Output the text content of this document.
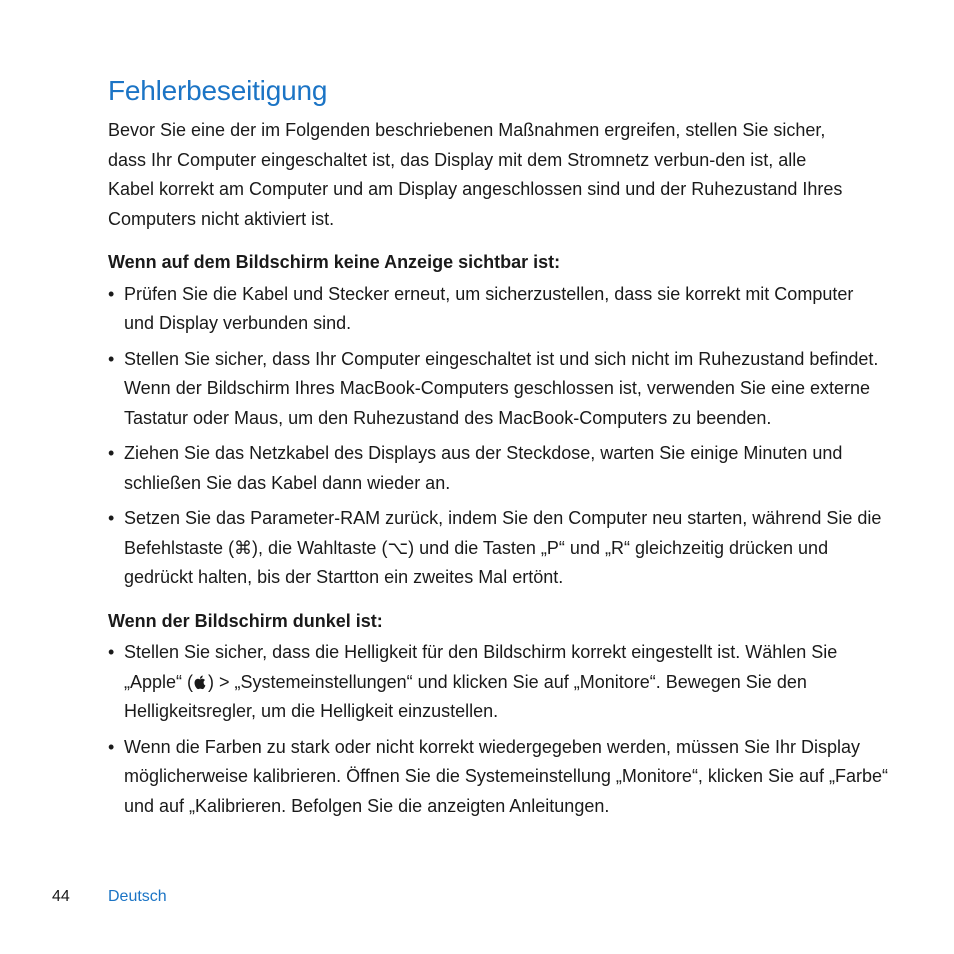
Fehlerbeseitigung

Bevor Sie eine der im Folgenden beschriebenen Maßnahmen ergreifen, stellen Sie sicher, dass Ihr Computer eingeschaltet ist, das Display mit dem Stromnetz verbun-den ist, alle Kabel korrekt am Computer und am Display angeschlossen sind und der Ruhezustand Ihres Computers nicht aktiviert ist.

Wenn auf dem Bildschirm keine Anzeige sichtbar ist:
• Prüfen Sie die Kabel und Stecker erneut, um sicherzustellen, dass sie korrekt mit Computer und Display verbunden sind.
• Stellen Sie sicher, dass Ihr Computer eingeschaltet ist und sich nicht im Ruhezustand befindet. Wenn der Bildschirm Ihres MacBook-Computers geschlossen ist, verwenden Sie eine externe Tastatur oder Maus, um den Ruhezustand des MacBook-Computers zu beenden.
• Ziehen Sie das Netzkabel des Displays aus der Steckdose, warten Sie einige Minuten und schließen Sie das Kabel dann wieder an.
• Setzen Sie das Parameter-RAM zurück, indem Sie den Computer neu starten, während Sie die Befehlstaste (⌘), die Wahltaste (⌥) und die Tasten „P“ und „R“ gleichzeitig drücken und gedrückt halten, bis der Startton ein zweites Mal ertönt.
Wenn der Bildschirm dunkel ist:
• Stellen Sie sicher, dass die Helligkeit für den Bildschirm korrekt eingestellt ist. Wählen Sie „Apple“ ( ) > „Systemeinstellungen“ und klicken Sie auf „Monitore“. Bewegen Sie den Helligkeitsregler, um die Helligkeit einzustellen.
• Wenn die Farben zu stark oder nicht korrekt wiedergegeben werden, müssen Sie Ihr Display möglicherweise kalibrieren. Öffnen Sie die Systemeinstellung „Monitore“, klicken Sie auf „Farbe“ und auf „Kalibrieren. Befolgen Sie die anzeigten Anleitungen.
44 Deutsch
